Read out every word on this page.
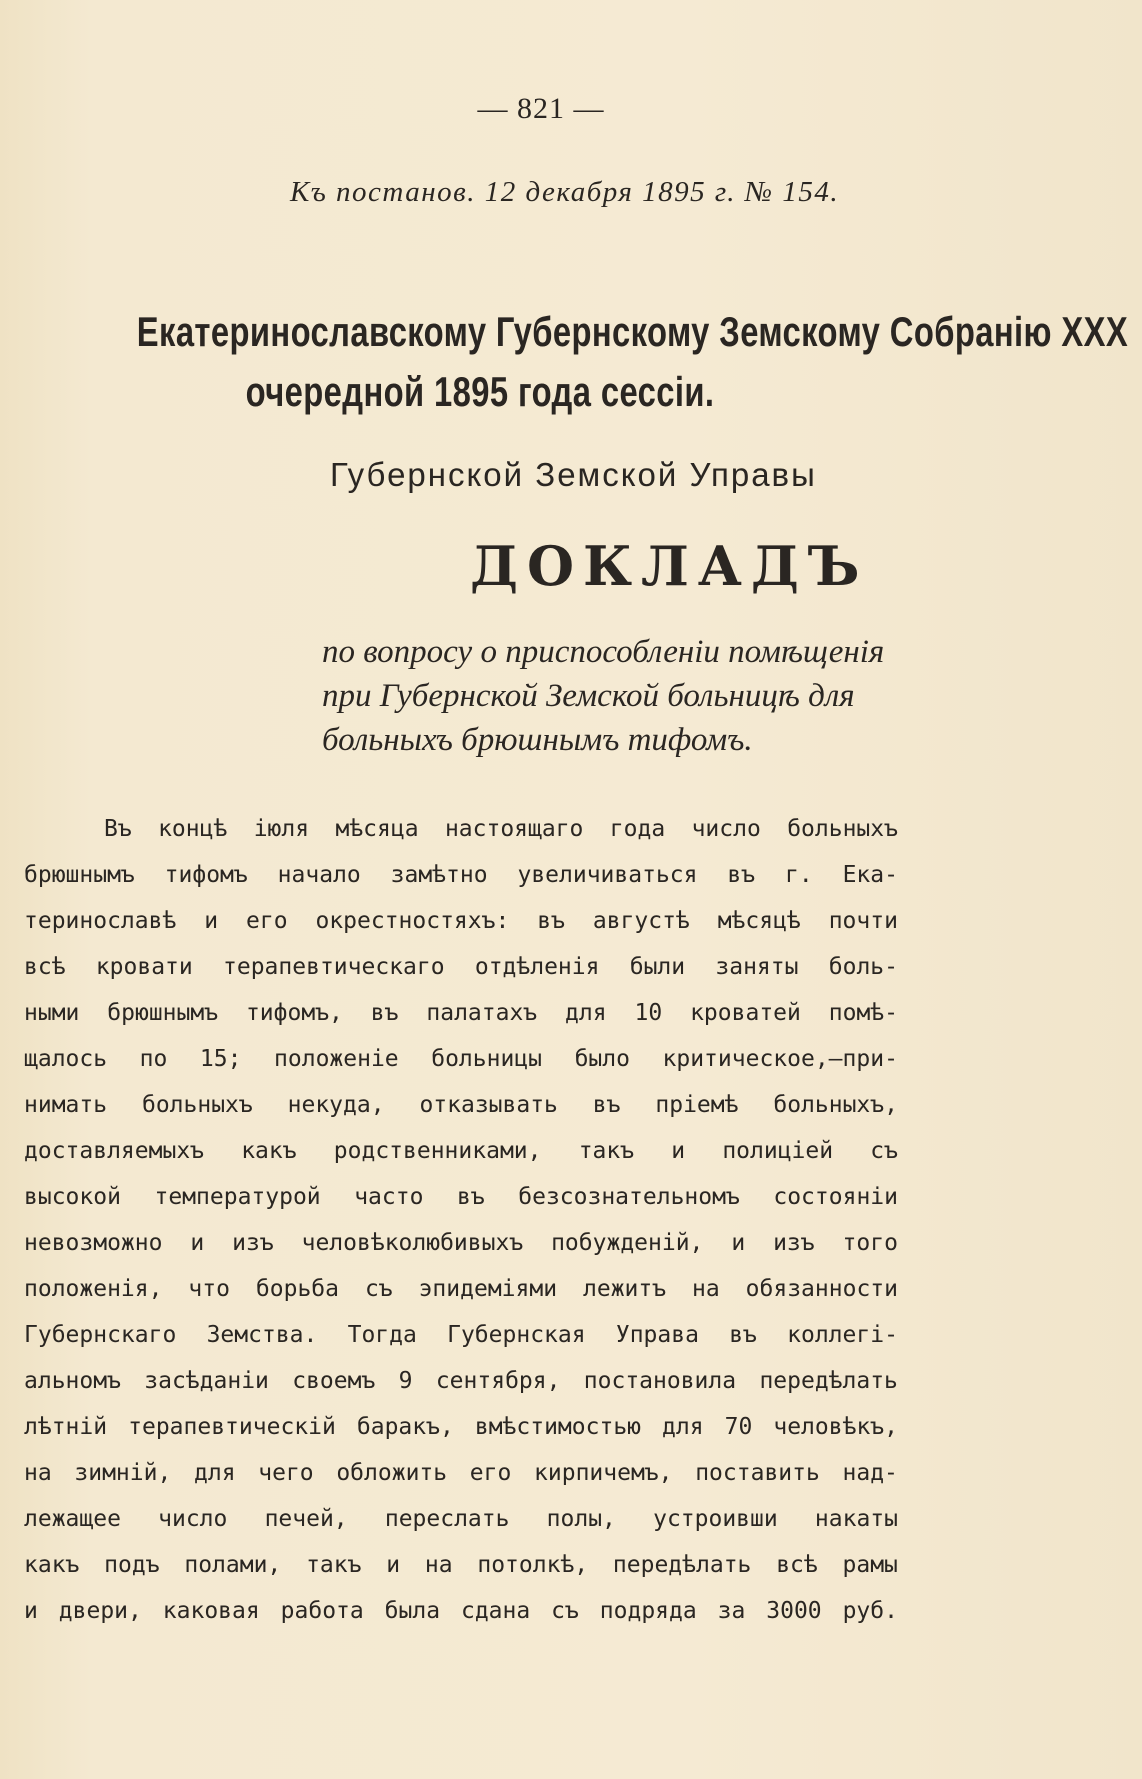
— 821 —
Къ постанов. 12 декабря 1895 г. № 154.
Екатеринославскому Губернскому Земскому Собранію XXX
очередной 1895 года сессіи.
Губернской Земской Управы
ДОКЛАДЪ
по вопросу о приспособленіи помѣщенія
при Губернской Земской больницѣ для
больныхъ брюшнымъ тифомъ.
Въ концѣ іюля мѣсяца настоящаго года число больныхъ
брюшнымъ тифомъ начало замѣтно увеличиваться въ г. Ека-
теринославѣ и его окрестностяхъ: въ августѣ мѣсяцѣ почти
всѣ кровати терапевтическаго отдѣленія были заняты боль-
ными брюшнымъ тифомъ, въ палатахъ для 10 кроватей помѣ-
щалось по 15; положеніе больницы было критическое,—при-
нимать больныхъ некуда, отказывать въ пріемѣ больныхъ,
доставляемыхъ какъ родственниками, такъ и полиціей съ
высокой температурой часто въ безсознательномъ состояніи
невозможно и изъ человѣколюбивыхъ побужденій, и изъ того
положенія, что борьба съ эпидеміями лежитъ на обязанности
Губернскаго Земства. Тогда Губернская Управа въ коллегі-
альномъ засѣданіи своемъ 9 сентября, постановила передѣлать
лѣтній терапевтическій баракъ, вмѣстимостью для 70 человѣкъ,
на зимній, для чего обложить его кирпичемъ, поставить над-
лежащее число печей, переслать полы, устроивши накаты
какъ подъ полами, такъ и на потолкѣ, передѣлать всѣ рамы
и двери, каковая работа была сдана съ подряда за 3000 руб.
